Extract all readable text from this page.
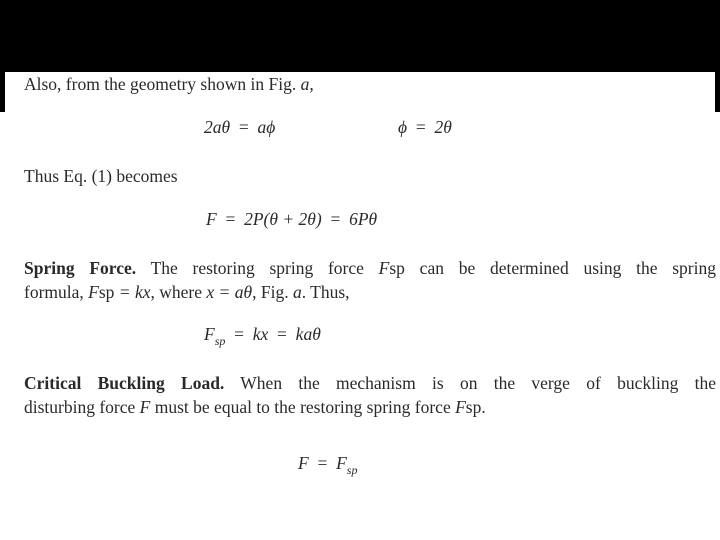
Also, from the geometry shown in Fig. a,
2aθ = aϕ	ϕ = 2θ
Thus Eq. (1) becomes
F = 2P(θ + 2θ) = 6Pθ
Spring Force. The restoring spring force Fsp can be determined using the spring
formula, Fsp = kx, where x = aθ, Fig. a. Thus,
$F_{sp}$ = kx = kaθ
Critical Buckling Load. When the mechanism is on the verge of buckling the
disturbing force F must be equal to the restoring spring force Fsp.
$F = F_{sp}$
